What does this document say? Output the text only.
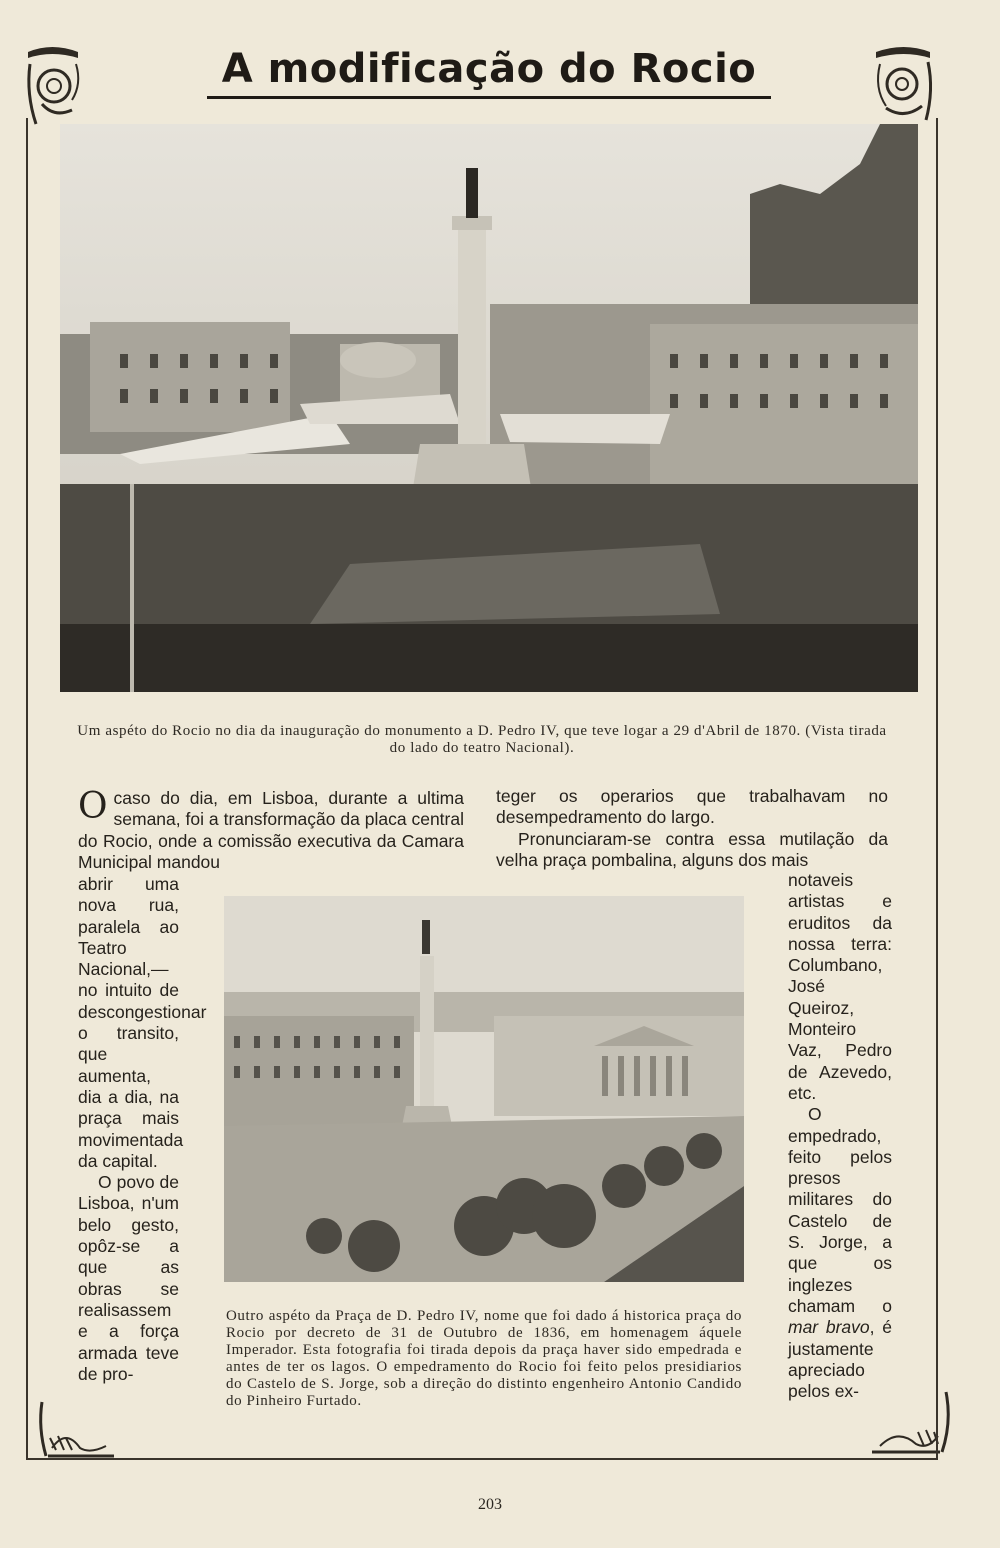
A modificação do Rocio
Um aspéto do Rocio no dia da inauguração do monumento a D. Pedro IV, que teve logar a 29 d'Abril de 1870. (Vista tirada do lado do teatro Nacional).
O caso do dia, em Lisboa, durante a ultima semana, foi a transformação da placa central do Rocio, onde a comissão executiva da Camara Municipal mandou

abrir uma nova rua, paralela ao Teatro Nacional,—no intuito de descongestionar o transito, que aumenta, dia a dia, na praça mais movimentada da capital.

O povo de Lisboa, n'um belo gesto, opôz-se a que as obras se realisassem e a força armada teve de pro-

teger os operarios que trabalhavam no desempedramento do largo.

Pronunciaram-se contra essa mutilação da velha praça pombalina, alguns dos mais

notaveis artistas e eruditos da nossa terra: Columbano, José Queiroz, Monteiro Vaz, Pedro de Azevedo, etc.

O empedrado, feito pelos presos militares do Castelo de S. Jorge, a que os inglezes chamam o mar bravo, é justamente apreciado pelos ex-

Outro aspéto da Praça de D. Pedro IV, nome que foi dado á historica praça do Rocio por decreto de 31 de Outubro de 1836, em homenagem áquele Imperador. Esta fotografia foi tirada depois da praça haver sido empedrada e antes de ter os lagos. O empedramento do Rocio foi feito pelos presidiarios do Castelo de S. Jorge, sob a direção do distinto engenheiro Antonio Candido do Pinheiro Furtado.
203
